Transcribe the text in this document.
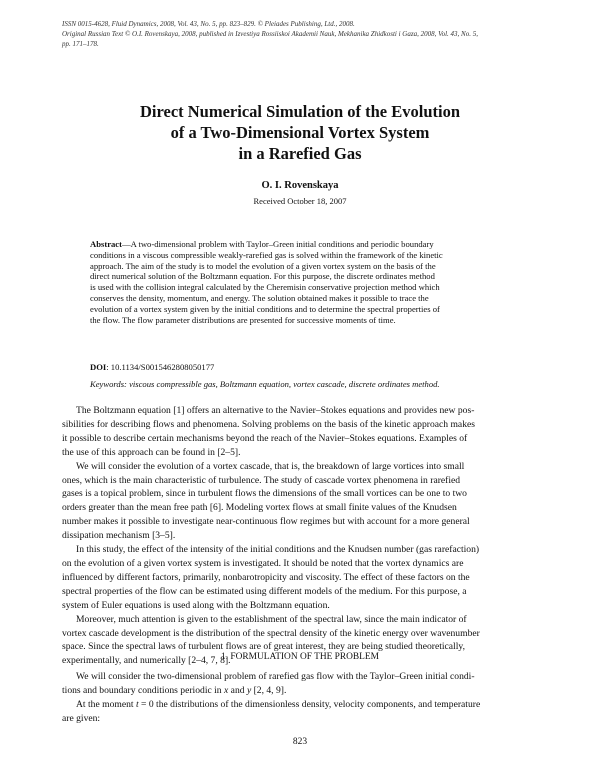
ISSN 0015-4628, Fluid Dynamics, 2008, Vol. 43, No. 5, pp. 823–829. © Pleiades Publishing, Ltd., 2008.
Original Russian Text © O.I. Rovenskaya, 2008, published in Izvestiya Rossiiskoi Akademii Nauk, Mekhanika Zhidkosti i Gaza, 2008, Vol. 43, No. 5,
pp. 171–178.
Direct Numerical Simulation of the Evolution
of a Two-Dimensional Vortex System
in a Rarefied Gas
O. I. Rovenskaya
Received October 18, 2007
Abstract—A two-dimensional problem with Taylor–Green initial conditions and periodic boundary
conditions in a viscous compressible weakly-rarefied gas is solved within the framework of the kinetic
approach. The aim of the study is to model the evolution of a given vortex system on the basis of the
direct numerical solution of the Boltzmann equation. For this purpose, the discrete ordinates method
is used with the collision integral calculated by the Cheremisin conservative projection method which
conserves the density, momentum, and energy. The solution obtained makes it possible to trace the
evolution of a vortex system given by the initial conditions and to determine the spectral properties of
the flow. The flow parameter distributions are presented for successive moments of time.
DOI: 10.1134/S0015462808050177
Keywords: viscous compressible gas, Boltzmann equation, vortex cascade, discrete ordinates method.
The Boltzmann equation [1] offers an alternative to the Navier–Stokes equations and provides new pos-
sibilities for describing flows and phenomena. Solving problems on the basis of the kinetic approach makes
it possible to describe certain mechanisms beyond the reach of the Navier–Stokes equations. Examples of
the use of this approach can be found in [2–5].
We will consider the evolution of a vortex cascade, that is, the breakdown of large vortices into small
ones, which is the main characteristic of turbulence. The study of cascade vortex phenomena in rarefied
gases is a topical problem, since in turbulent flows the dimensions of the small vortices can be one to two
orders greater than the mean free path [6]. Modeling vortex flows at small finite values of the Knudsen
number makes it possible to investigate near-continuous flow regimes but with account for a more general
dissipation mechanism [3–5].
In this study, the effect of the intensity of the initial conditions and the Knudsen number (gas rarefaction)
on the evolution of a given vortex system is investigated. It should be noted that the vortex dynamics are
influenced by different factors, primarily, nonbarotropicity and viscosity. The effect of these factors on the
spectral properties of the flow can be estimated using different models of the medium. For this purpose, a
system of Euler equations is used along with the Boltzmann equation.
Moreover, much attention is given to the establishment of the spectral law, since the main indicator of
vortex cascade development is the distribution of the spectral density of the kinetic energy over wavenumber
space. Since the spectral laws of turbulent flows are of great interest, they are being studied theoretically,
experimentally, and numerically [2–4, 7, 8].
1. FORMULATION OF THE PROBLEM
We will consider the two-dimensional problem of rarefied gas flow with the Taylor–Green initial condi-
tions and boundary conditions periodic in x and y [2, 4, 9].
At the moment t = 0 the distributions of the dimensionless density, velocity components, and temperature
are given:
823
